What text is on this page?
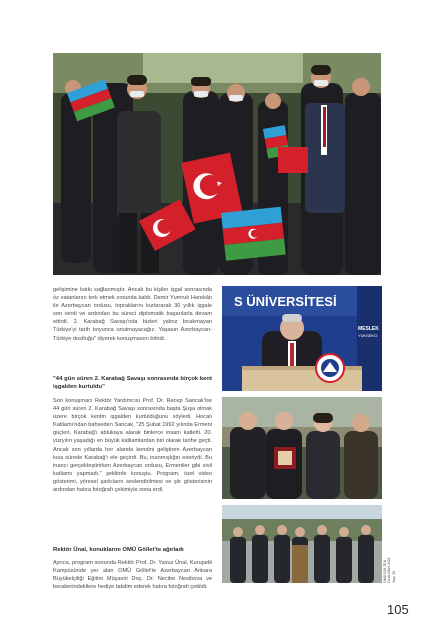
gelişimine katkı sağlanmıştır. Ancak bu kişiler işgal sonrasında öz vatanlarını terk etmek zorunda kaldı. Demir Yumruk Harekâtı ile Azerbaycan ordusu, topraklarını kurtararak 30 yıllık işgale son verdi ve ardından bu süreci diplomatik başarılarla devam ettirdi. 2. Karabağ Savaşı'nda bizleri yalnız bırakmayan Türkiye'yi tarih boyunca unutmayacağız. Yaşasın Azerbaycan-Türkiye dostluğu" diyerek konuşmasını bitirdi.

"44 gün süren 2. Karabağ Savaşı sonrasında birçok kent işgalden kurtuldu"

Son konuşmacı Rektör Yardımcısı Prof. Dr. Recep Sancak'ise 44 gün süren 2. Karabağ Savaşı sonrasında başta Şuşa olmak üzere birçok kentin işgalden kurtulduğunu söyledi. Hocalı Katliamı'ndan bahseden Sancak, "25 Şubat 1992 yılında Ermeni güçleri, Karabağ'ı ablukaya alarak binlerce insanı katletti. 20. yüzyılın yaşadığı en büyük katliamlardan biri olarak tarihe geçti. Ancak son yıllarda her alanda kendini geliştiren Azerbaycan kısa sürede Karabağ'ı ele geçirdi. Bu, inanmışlığın eseriydi. Bu inancı gerçekleştirirken Azerbaycan ordusu, Ermeniler gibi sivil katliamı yapmadı." şeklinde konuştu. Program, özel video gösterimi, yöresel şarkıların seslendirilmesi ve şiir gösterisinin ardından hatıra fotoğrafı çekimiyle sona erdi.

Rektör Ünal, konuklarını OMÜ Göllet'te ağırladı

Ayrıca, program sonunda Rektör Prof. Dr. Yavuz Ünal, Kurupelit Kampüsünde yer alan OMÜ Göllet'te Azerbaycan Ankara Büyükelçiliği Eğitim Müşaviri Doç. Dr. Necibe Nesibova ve beraberindekilere hediye takdim ederek hatıra fotoğrafı çekildi.

S ÜNİVERSİTESİ
MESLEK
YÜKSEKO
OMÜ BÜLTEN Ocak-Mart 2021 Sayı 38
105
